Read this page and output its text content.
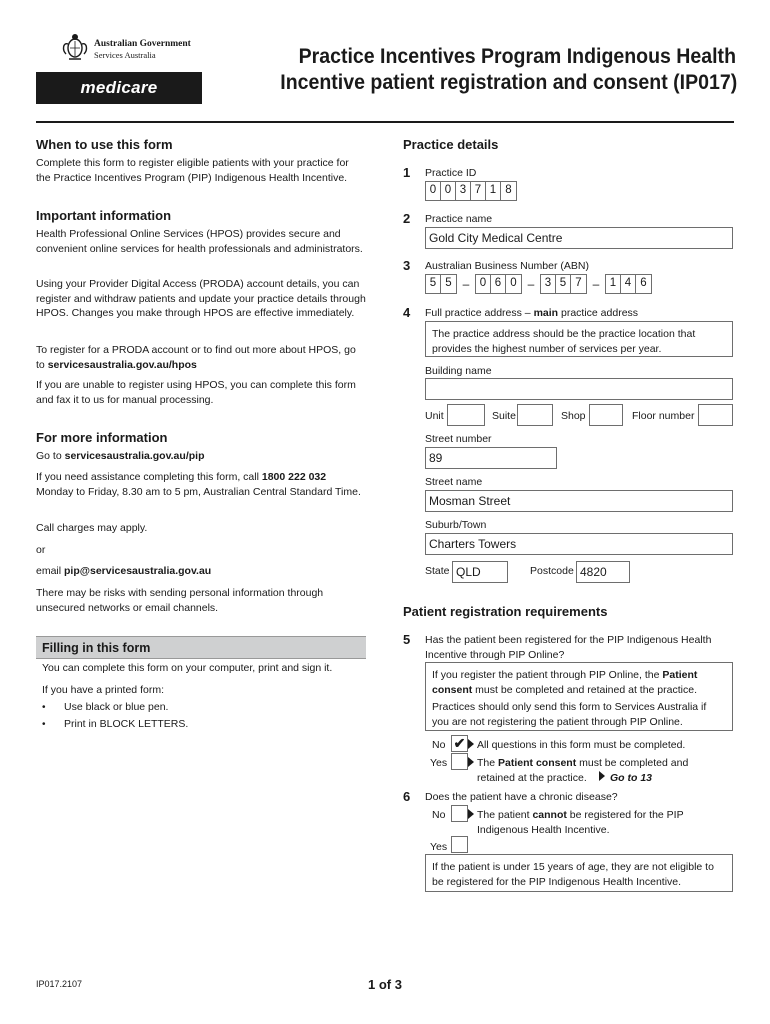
Australian Government
Services Australia
medicare
Practice Incentives Program Indigenous Health
Incentive patient registration and consent (IP017)
When to use this form
Complete this form to register eligible patients with your practice for the Practice Incentives Program (PIP) Indigenous Health Incentive.
Important information
Health Professional Online Services (HPOS) provides secure and convenient online services for health professionals and administrators.
Using your Provider Digital Access (PRODA) account details, you can register and withdraw patients and update your practice details through HPOS. Changes you make through HPOS are effective immediately.
To register for a PRODA account or to find out more about HPOS, go to servicesaustralia.gov.au/hpos
If you are unable to register using HPOS, you can complete this form and fax it to us for manual processing.
For more information
Go to servicesaustralia.gov.au/pip
If you need assistance completing this form, call 1800 222 032 Monday to Friday, 8.30 am to 5 pm, Australian Central Standard Time.
Call charges may apply.
or
email pip@servicesaustralia.gov.au
There may be risks with sending personal information through unsecured networks or email channels.
Filling in this form
You can complete this form on your computer, print and sign it.
If you have a printed form:
• Use black or blue pen.
• Print in BLOCK LETTERS.
Practice details
1 Practice ID
0 0 3 7 1 8
2 Practice name
Gold City Medical Centre
3 Australian Business Number (ABN)
5 5 – 0 6 0 – 3 5 7 – 1 4 6
4 Full practice address – main practice address
The practice address should be the practice location that provides the highest number of services per year.
Building name
Unit	Suite	Shop	Floor number
Street number
89
Street name
Mosman Street
Suburb/Town
Charters Towers
State QLD	Postcode 4820
Patient registration requirements
5 Has the patient been registered for the PIP Indigenous Health Incentive through PIP Online?
If you register the patient through PIP Online, the Patient consent must be completed and retained at the practice.
Practices should only send this form to Services Australia if you are not registering the patient through PIP Online.
No ✔ All questions in this form must be completed.
Yes	The Patient consent must be completed and
retained at the practice. Go to 13
6 Does the patient have a chronic disease?
No	The patient cannot be registered for the PIP
Indigenous Health Incentive.
Yes
If the patient is under 15 years of age, they are not eligible to be registered for the PIP Indigenous Health Incentive.
IP017.2107	1 of 3
